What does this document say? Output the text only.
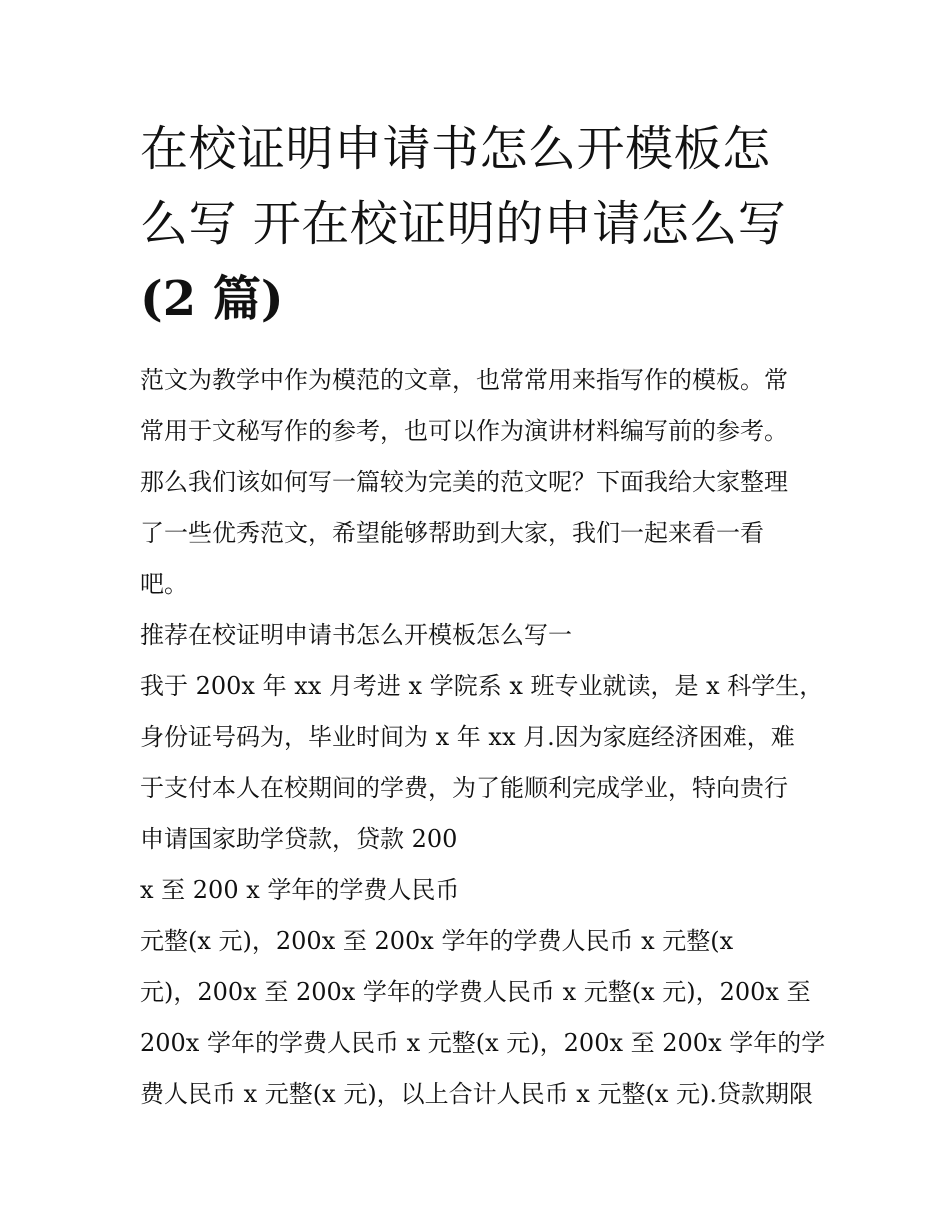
在校证明申请书怎么开模板怎
么写 开在校证明的申请怎么写
(2 篇)
范文为教学中作为模范的文章，也常常用来指写作的模板。常
常用于文秘写作的参考，也可以作为演讲材料编写前的参考。
那么我们该如何写一篇较为完美的范文呢？下面我给大家整理
了一些优秀范文，希望能够帮助到大家，我们一起来看一看
吧。
推荐在校证明申请书怎么开模板怎么写一
我于 200x 年 xx 月考进 x 学院系 x 班专业就读，是 x 科学生，
身份证号码为，毕业时间为 x 年 xx 月.因为家庭经济困难，难
于支付本人在校期间的学费，为了能顺利完成学业，特向贵行
申请国家助学贷款，贷款 200
x 至 200 x 学年的学费人民币
元整(x 元)，200x 至 200x 学年的学费人民币 x 元整(x
元)，200x 至 200x 学年的学费人民币 x 元整(x 元)，200x 至
200x 学年的学费人民币 x 元整(x 元)，200x 至 200x 学年的学
费人民币 x 元整(x 元)，以上合计人民币 x 元整(x 元).贷款期限
